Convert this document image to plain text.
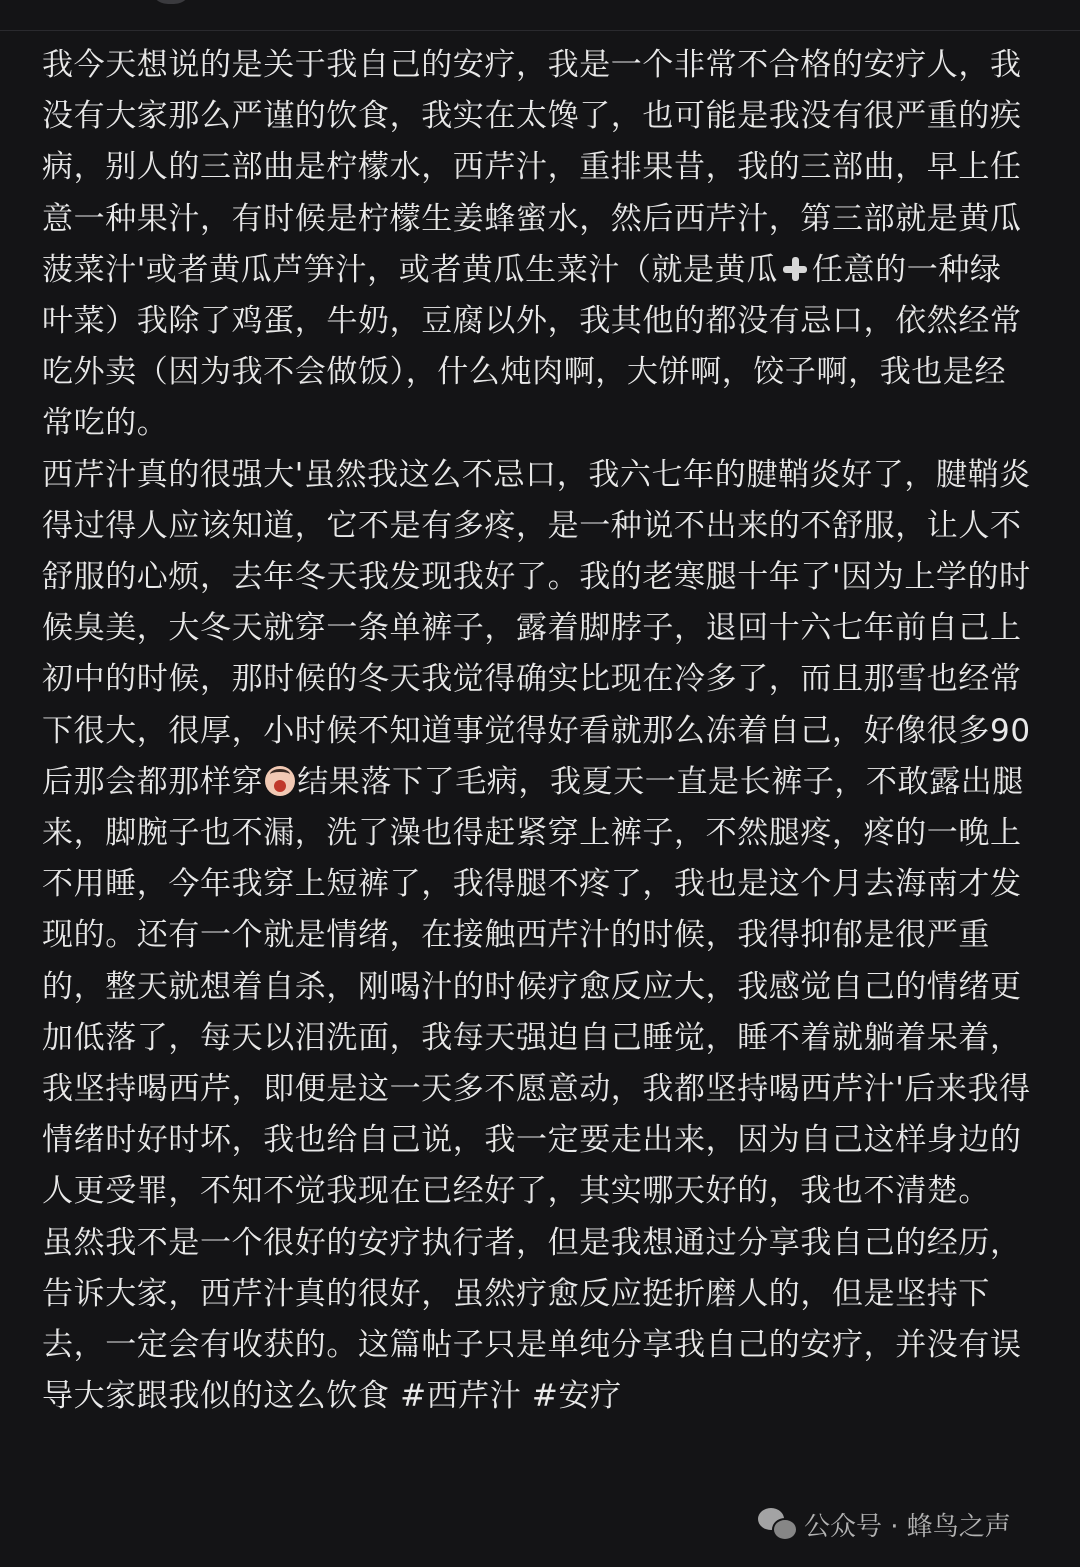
我今天想说的是关于我自己的安疗，我是一个非常不合格的安疗人，我没有大家那么严谨的饮食，我实在太馋了，也可能是我没有很严重的疾病，别人的三部曲是柠檬水，西芹汁，重排果昔，我的三部曲，早上任意一种果汁，有时候是柠檬生姜蜂蜜水，然后西芹汁，第三部就是黄瓜菠菜汁'或者黄瓜芦笋汁，或者黄瓜生菜汁（就是黄瓜 任意的一种绿叶菜）我除了鸡蛋，牛奶，豆腐以外，我其他的都没有忌口，依然经常吃外卖（因为我不会做饭），什么炖肉啊，大饼啊，饺子啊，我也是经常吃的。

西芹汁真的很强大'虽然我这么不忌口，我六七年的腱鞘炎好了，腱鞘炎得过得人应该知道，它不是有多疼，是一种说不出来的不舒服，让人不舒服的心烦，去年冬天我发现我好了。我的老寒腿十年了'因为上学的时候臭美，大冬天就穿一条单裤子，露着脚脖子，退回十六七年前自己上初中的时候，那时候的冬天我觉得确实比现在冷多了，而且那雪也经常下很大，很厚，小时候不知道事觉得好看就那么冻着自己，好像很多90后那会都那样穿 结果落下了毛病，我夏天一直是长裤子，不敢露出腿来，脚腕子也不漏，洗了澡也得赶紧穿上裤子，不然腿疼，疼的一晚上不用睡，今年我穿上短裤了，我得腿不疼了，我也是这个月去海南才发现的。还有一个就是情绪，在接触西芹汁的时候，我得抑郁是很严重的，整天就想着自杀，刚喝汁的时候疗愈反应大，我感觉自己的情绪更加低落了，每天以泪洗面，我每天强迫自己睡觉，睡不着就躺着呆着，我坚持喝西芹，即便是这一天多不愿意动，我都坚持喝西芹汁'后来我得情绪时好时坏，我也给自己说，我一定要走出来，因为自己这样身边的人更受罪，不知不觉我现在已经好了，其实哪天好的，我也不清楚。

虽然我不是一个很好的安疗执行者，但是我想通过分享我自己的经历，告诉大家，西芹汁真的很好，虽然疗愈反应挺折磨人的，但是坚持下去，一定会有收获的。这篇帖子只是单纯分享我自己的安疗，并没有误导大家跟我似的这么饮食 #西芹汁 #安疗

公众号 · 蜂鸟之声
